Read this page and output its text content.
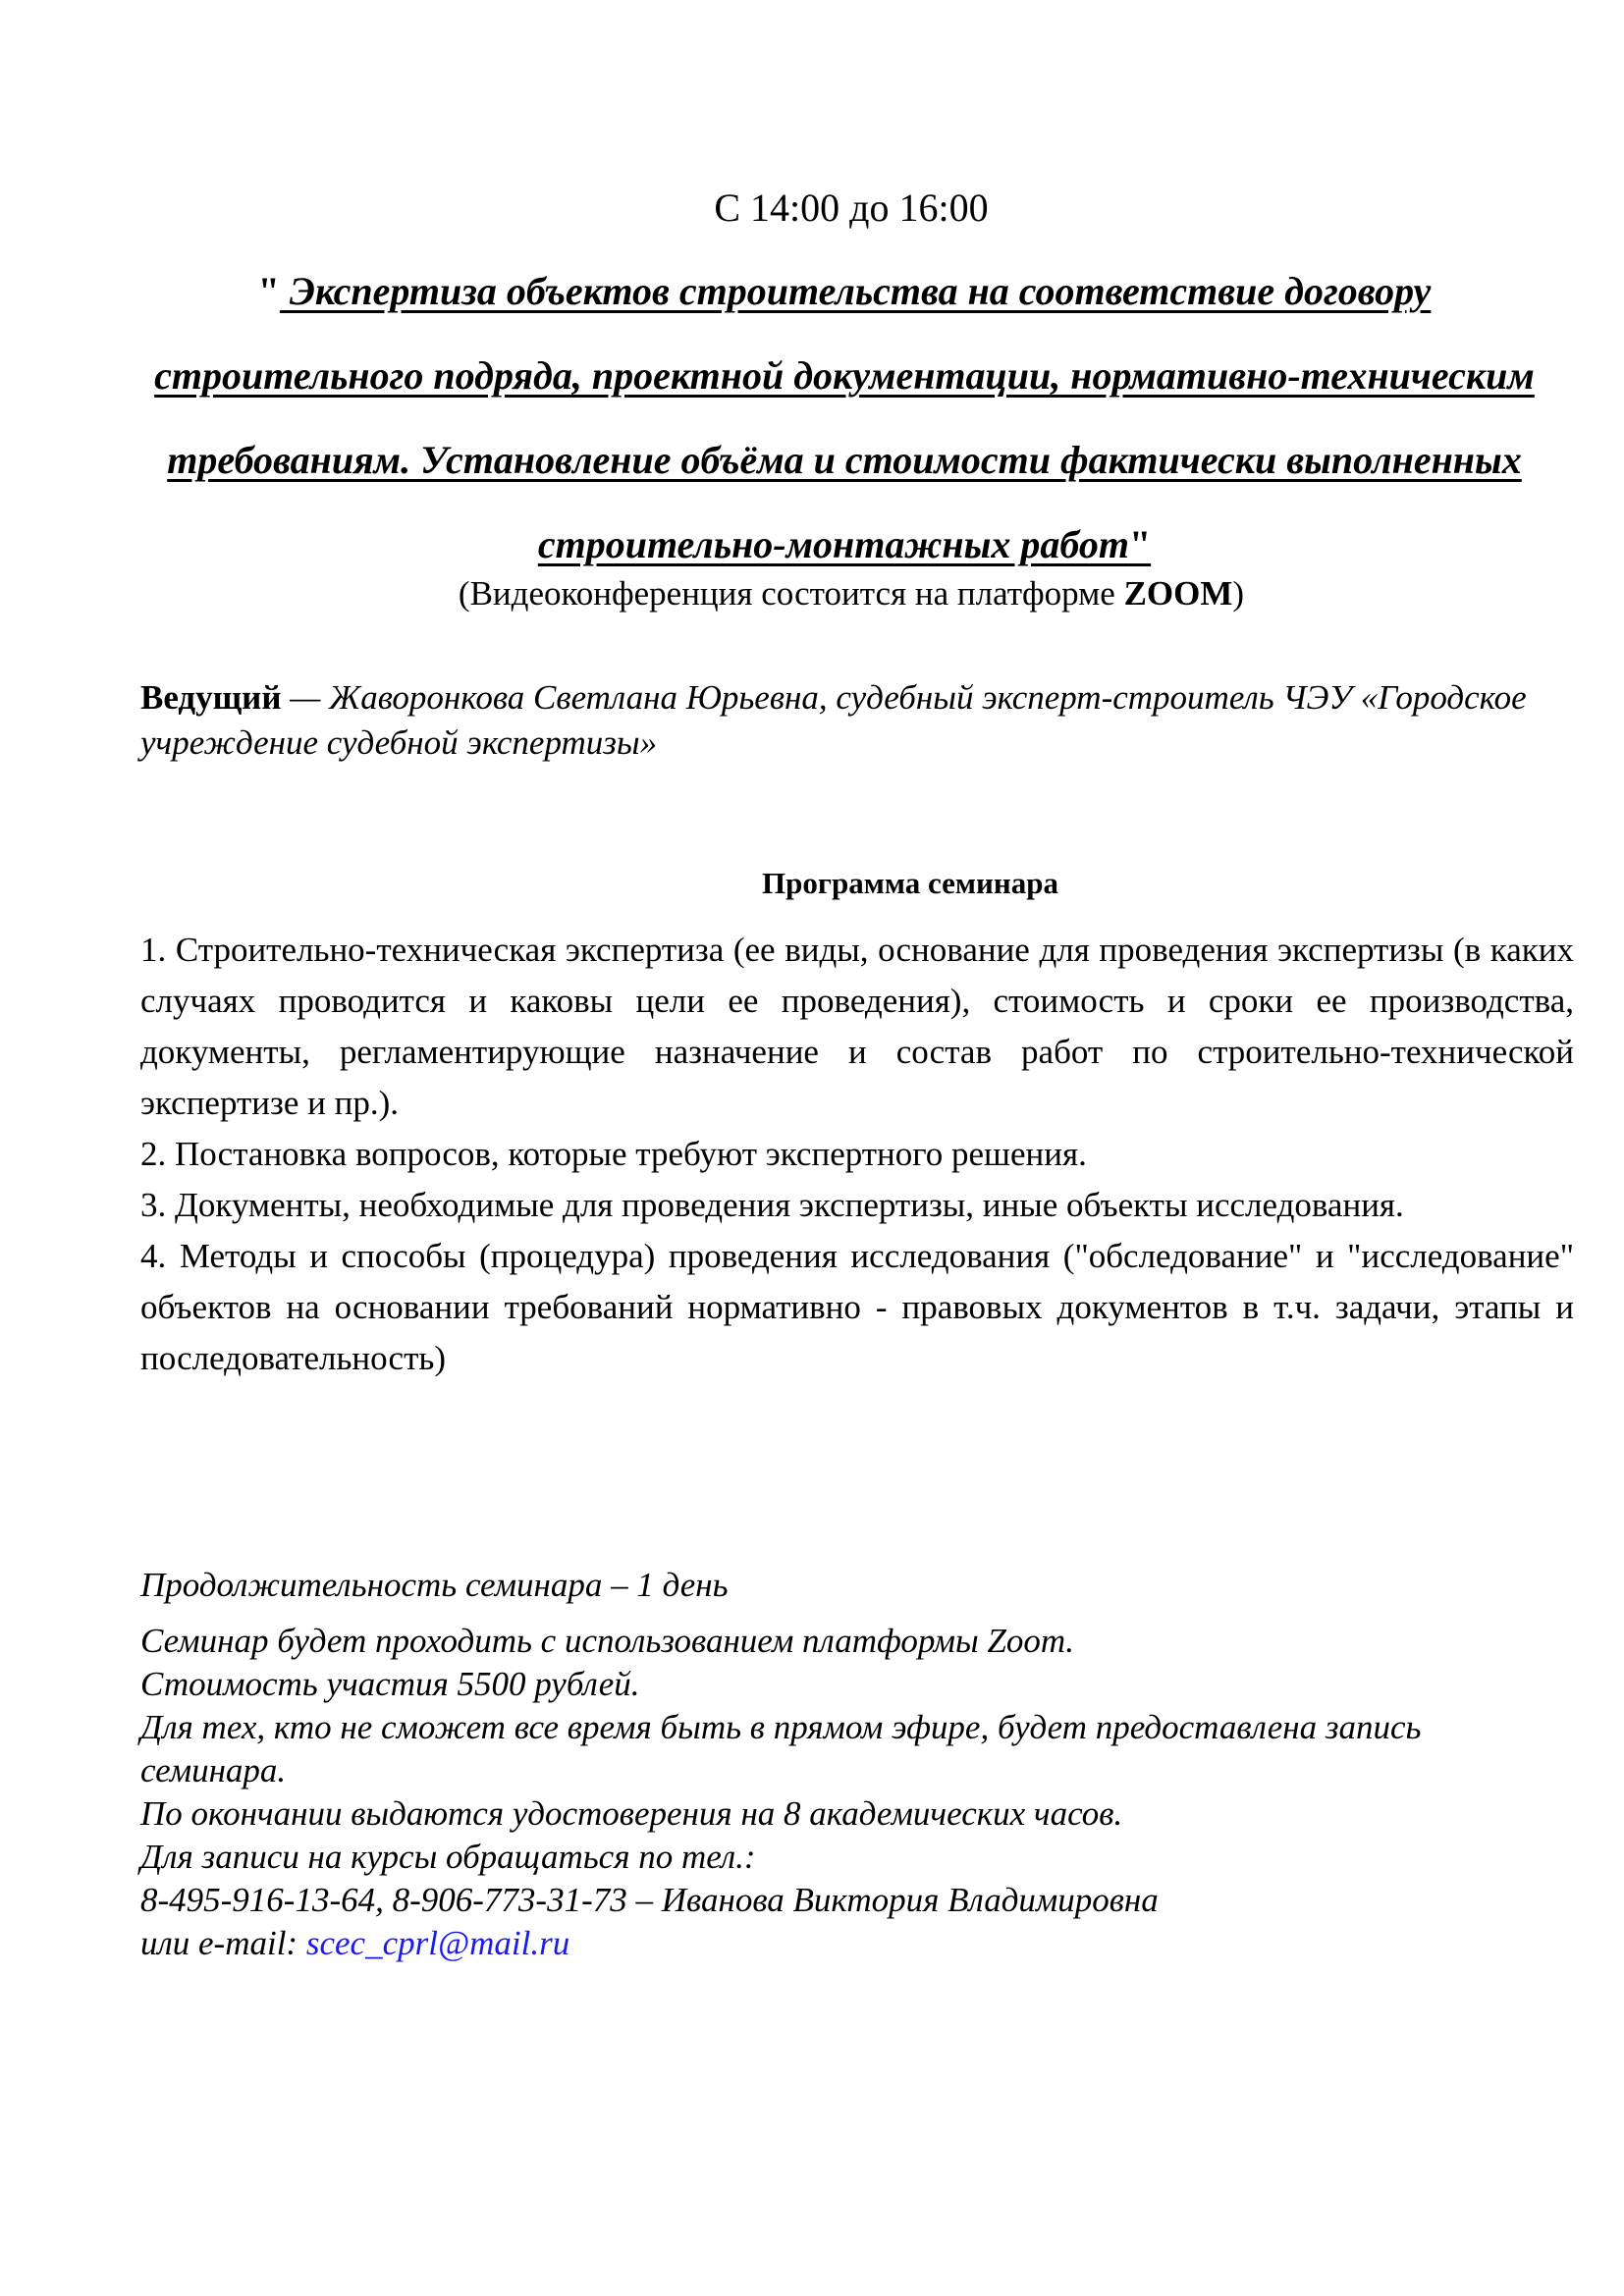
С 14:00 до 16:00
" Экспертиза объектов строительства на соответствие договору строительного подряда, проектной документации, нормативно-техническим требованиям. Установление объёма и стоимости фактически выполненных строительно-монтажных работ"
(Видеоконференция состоится на платформе ZOOM)
Ведущий — Жаворонкова Светлана Юрьевна, судебный эксперт-строитель ЧЭУ «Городское учреждение судебной экспертизы»
Программа семинара

1. Строительно-техническая экспертиза (ее виды, основание для проведения экспертизы (в каких случаях проводится и каковы цели ее проведения), стоимость и сроки ее производства, документы, регламентирующие назначение и состав работ по строительно-технической экспертизе и пр.).

2. Постановка вопросов, которые требуют экспертного решения.

3. Документы, необходимые для проведения экспертизы, иные объекты исследования.

4. Методы и способы (процедура) проведения исследования ("обследование" и "исследование" объектов на основании требований нормативно - правовых документов в т.ч. задачи, этапы и последовательность)

Продолжительность семинара – 1 день
Семинар будет проходить с использованием платформы Zoom.
Стоимость участия 5500 рублей.
Для тех, кто не сможет все время быть в прямом эфире, будет предоставлена запись семинара.
По окончании выдаются удостоверения на 8 академических часов.
Для записи на курсы обращаться по тел.:
8-495-916-13-64, 8-906-773-31-73 – Иванова Виктория Владимировна
или e-mail: scec_cprl@mail.ru
